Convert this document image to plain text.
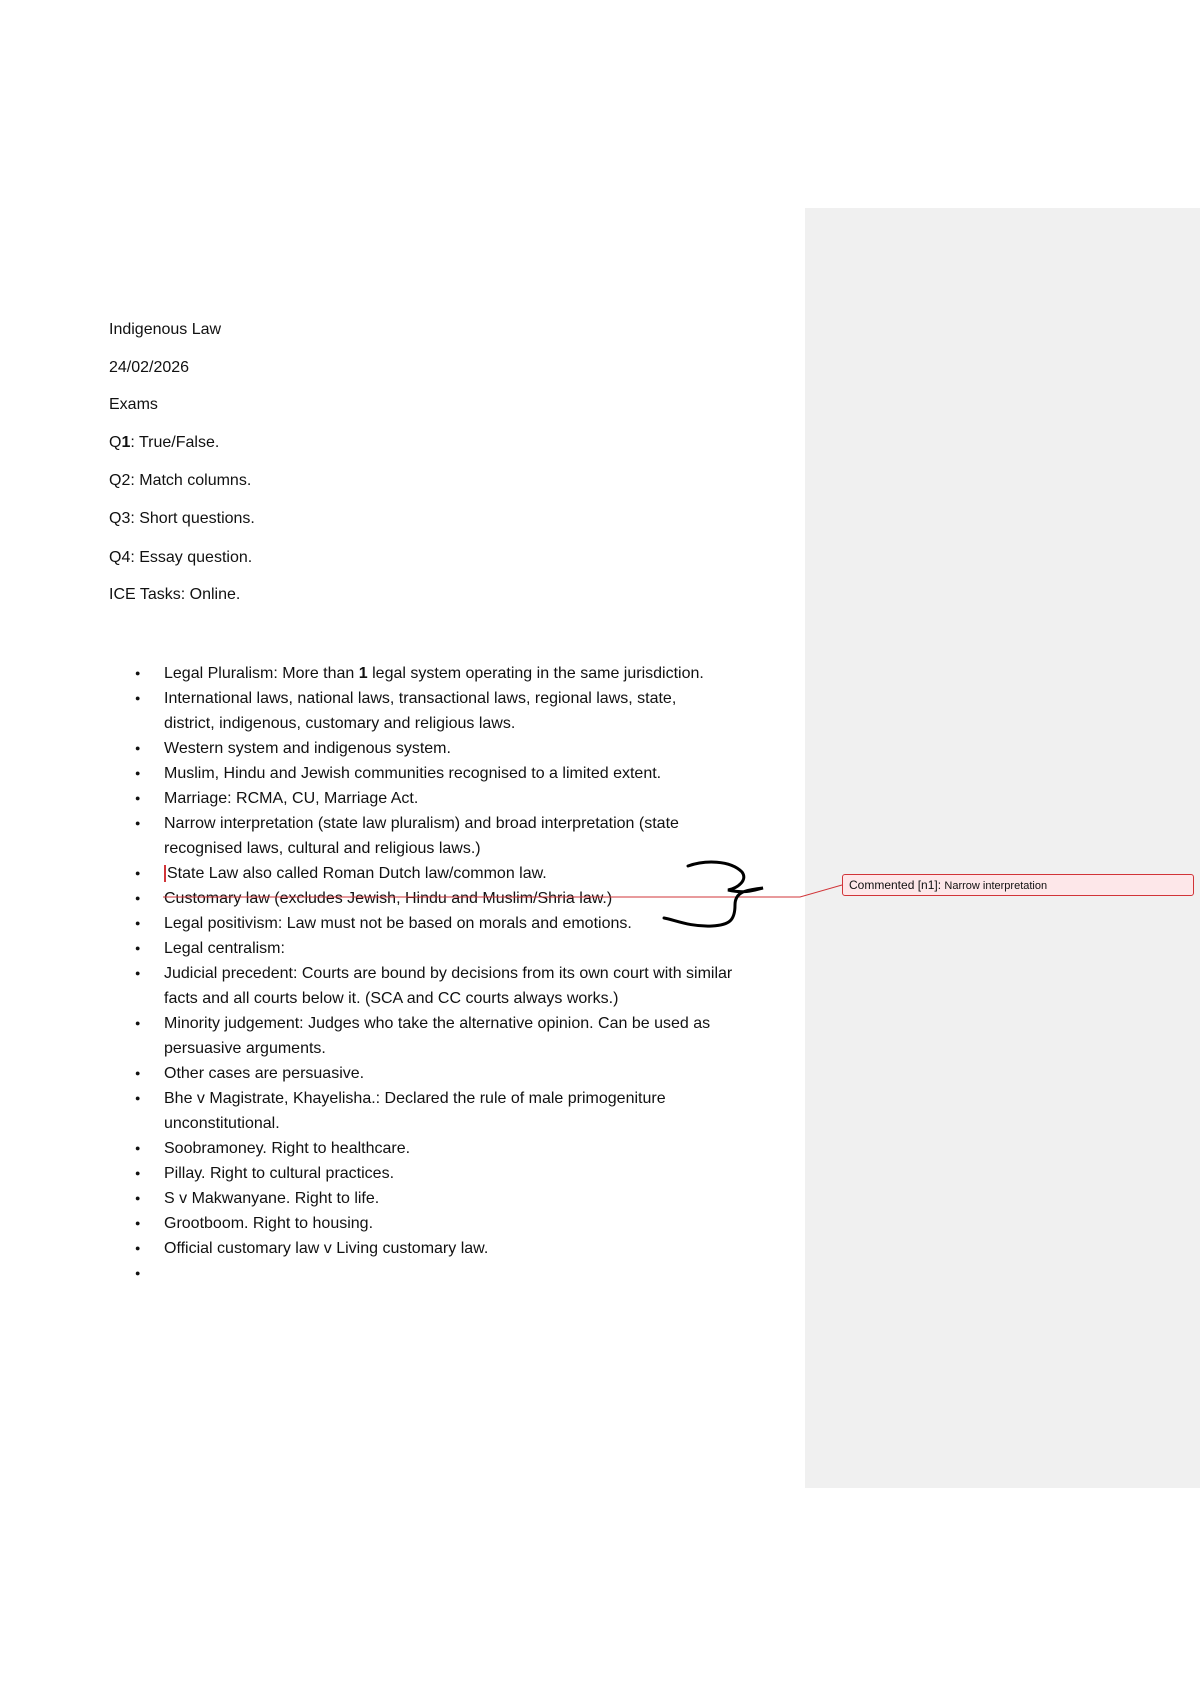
Indigenous Law
24/02/2026
Exams
Q1: True/False.
Q2: Match columns.
Q3: Short questions.
Q4: Essay question.
ICE Tasks: Online.
● Legal Pluralism: More than 1 legal system operating in the same jurisdiction.
● International laws, national laws, transactional laws, regional laws, state,
district, indigenous, customary and religious laws.
● Western system and indigenous system.
● Muslim, Hindu and Jewish communities recognised to a limited extent.
● Marriage: RCMA, CU, Marriage Act.
● Narrow interpretation (state law pluralism) and broad interpretation (state
recognised laws, cultural and religious laws.)
● State Law also called Roman Dutch law/common law.
● Customary law (excludes Jewish, Hindu and Muslim/Shria law.)
● Legal positivism: Law must not be based on morals and emotions.
● Legal centralism:
● Judicial precedent: Courts are bound by decisions from its own court with similar
facts and all courts below it. (SCA and CC courts always works.)
● Minority judgement: Judges who take the alternative opinion. Can be used as
persuasive arguments.
● Other cases are persuasive.
● Bhe v Magistrate, Khayelisha.: Declared the rule of male primogeniture
unconstitutional.
● Soobramoney. Right to healthcare.
● Pillay. Right to cultural practices.
● S v Makwanyane. Right to life.
● Grootboom. Right to housing.
● Official customary law v Living customary law.
●
Commented [n1]: Narrow interpretation
